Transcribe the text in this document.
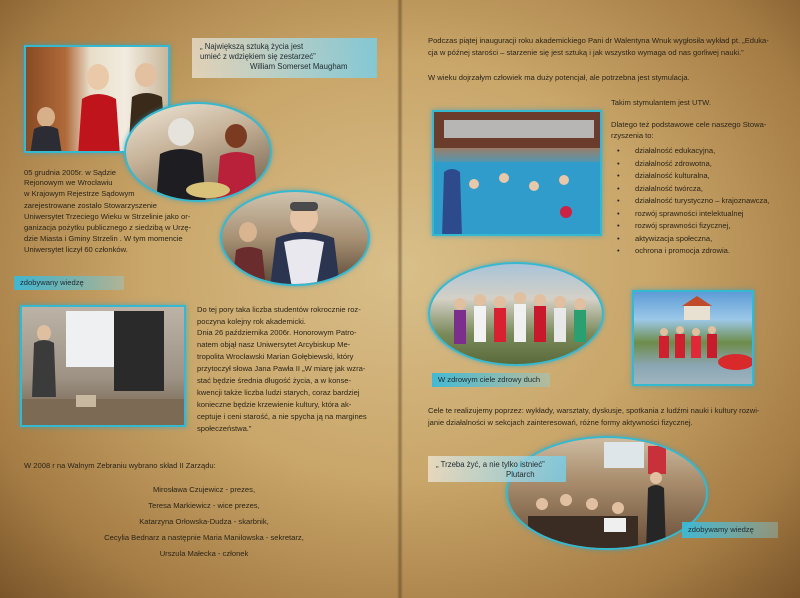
„ Największą sztuką życia jest
umieć z wdziękiem się zestarzeć”
William Somerset Maugham

05 grudnia 2005r. w Sądzie

Rejonowym we Wrocławiu

w Krajowym Rejestrze Sądowym

zarejestrowane zostało Stowarzyszenie

Uniwersytet Trzeciego Wieku w Strzelinie jako or-

ganizacja pożytku publicznego z siedzibą w Urzę-

dzie Miasta i Gminy Strzelin . W tym momencie

Uniwersytet liczył 60 członków.

zdobywany wiedzę

Do tej pory taka liczba studentów rokrocznie roz-

poczyna kolejny rok akademicki.

Dnia 26 października 2006r. Honorowym Patro-

natem objął nasz Uniwersytet Arcybiskup Me-

tropolita Wrocławski Marian Gołębiewski, który

przytoczył słowa Jana Pawła II „W miarę jak wzra-

stać będzie średnia długość życia, a w konse-

kwencji także liczba ludzi starych, coraz bardziej

konieczne będzie krzewienie kultury, która ak-

ceptuje i ceni starość, a nie spycha ją na margines

społeczeństwa.”

W 2008 r na Walnym Zebraniu wybrano skład II Zarządu:

Mirosława Czujewicz - prezes,

Teresa Markiewicz - wice prezes,

Katarzyna Orłowska-Dudza - skarbnik,

Cecylia Bednarz a następnie Maria Manilowska - sekretarz,

Urszula Małecka - członek

Podczas piątej inauguracji roku akademickiego Pani dr Walentyna Wnuk wygłosiła wykład pt. „Eduka-

cja w późnej starości – starzenie się jest sztuką i jak wszystko wymaga od nas gorliwej nauki.”

W wieku dojrzałym człowiek ma duży potencjał, ale potrzebna jest stymulacja.

Takim stymulantem jest UTW.

Dlatego też podstawowe cele naszego Stowa-

rzyszenia to:

• działalność edukacyjna,
• działalność zdrowotna,
• działalność kulturalna,
• działalność twórcza,
• działalność turystyczno – krajoznawcza,
• rozwój sprawności intelektualnej
• rozwój sprawności fizycznej,
• aktywizacja społeczna,
• ochrona i promocja zdrowia.
W zdrowym ciele zdrowy duch

Cele te realizujemy poprzez: wykłady, warsztaty, dyskusje, spotkania z ludźmi nauki i kultury rozwi-

janie działalności w sekcjach zainteresowań, różne formy aktywności fizycznej.

„ Trzeba żyć, a nie tylko istnieć”
Plutarch
zdobywamy wiedzę
